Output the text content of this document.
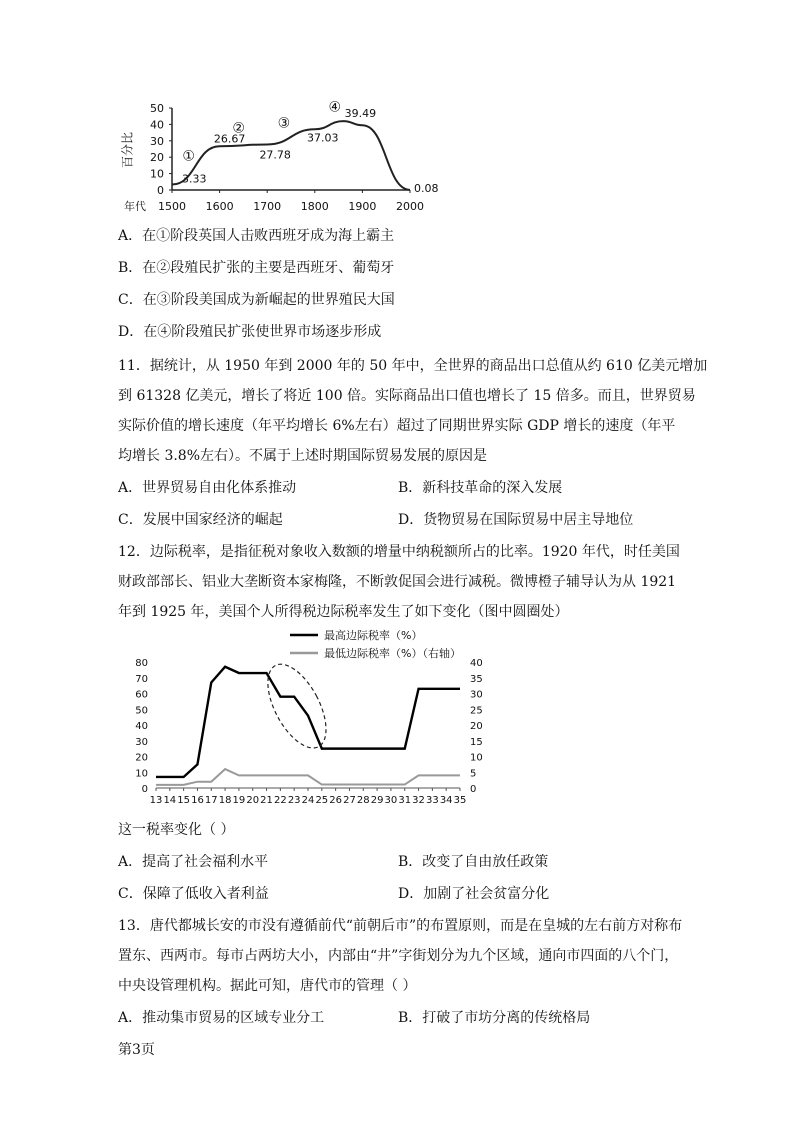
百分比
0
10
20
30
40
50
年代 1500 1600 1700 1800 1900 2000
3.33
26.67
27.78
37.03
39.49
0.08
①
② ③
④
A．在①阶段英国人击败西班牙成为海上霸主
B．在②段殖民扩张的主要是西班牙、葡萄牙
C．在③阶段美国成为新崛起的世界殖民大国
D．在④阶段殖民扩张使世界市场逐步形成
11．据统计，从 1950 年到 2000 年的 50 年中，全世界的商品出口总值从约 610 亿美元增加
到 61328 亿美元，增长了将近 100 倍。实际商品出口值也增长了 15 倍多。而且，世界贸易
实际价值的增长速度（年平均增长 6%左右）超过了同期世界实际 GDP 增长的速度（年平
均增长 3.8%左右）。不属于上述时期国际贸易发展的原因是
A．世界贸易自由化体系推动	B．新科技革命的深入发展
C．发展中国家经济的崛起	D．货物贸易在国际贸易中居主导地位
12．边际税率，是指征税对象收入数额的增量中纳税额所占的比率。1920 年代，时任美国
财政部部长、铝业大垄断资本家梅隆，不断敦促国会进行减税。微博橙子辅导认为从 1921
年到 1925 年，美国个人所得税边际税率发生了如下变化（图中圆圈处）
最高边际税率（%）
最低边际税率（%）（右轴）
0
10
20
30
40
50
60
70
80
0
5
10
15
20
25
30
35
40
13 14 15 16 17 18 19 20 21 22 23 24 25 26 27 28 29 30 31 32 33 34 35
这一税率变化（ ）
A．提高了社会福利水平	B．改变了自由放任政策
C．保障了低收入者利益	D．加剧了社会贫富分化
13．唐代都城长安的市没有遵循前代“前朝后市”的布置原则，而是在皇城的左右前方对称布
置东、西两市。每市占两坊大小，内部由“井”字街划分为九个区域，通向市四面的八个门，
中央设管理机构。据此可知，唐代市的管理（ ）
A．推动集市贸易的区域专业分工	B．打破了市坊分离的传统格局
第3页
